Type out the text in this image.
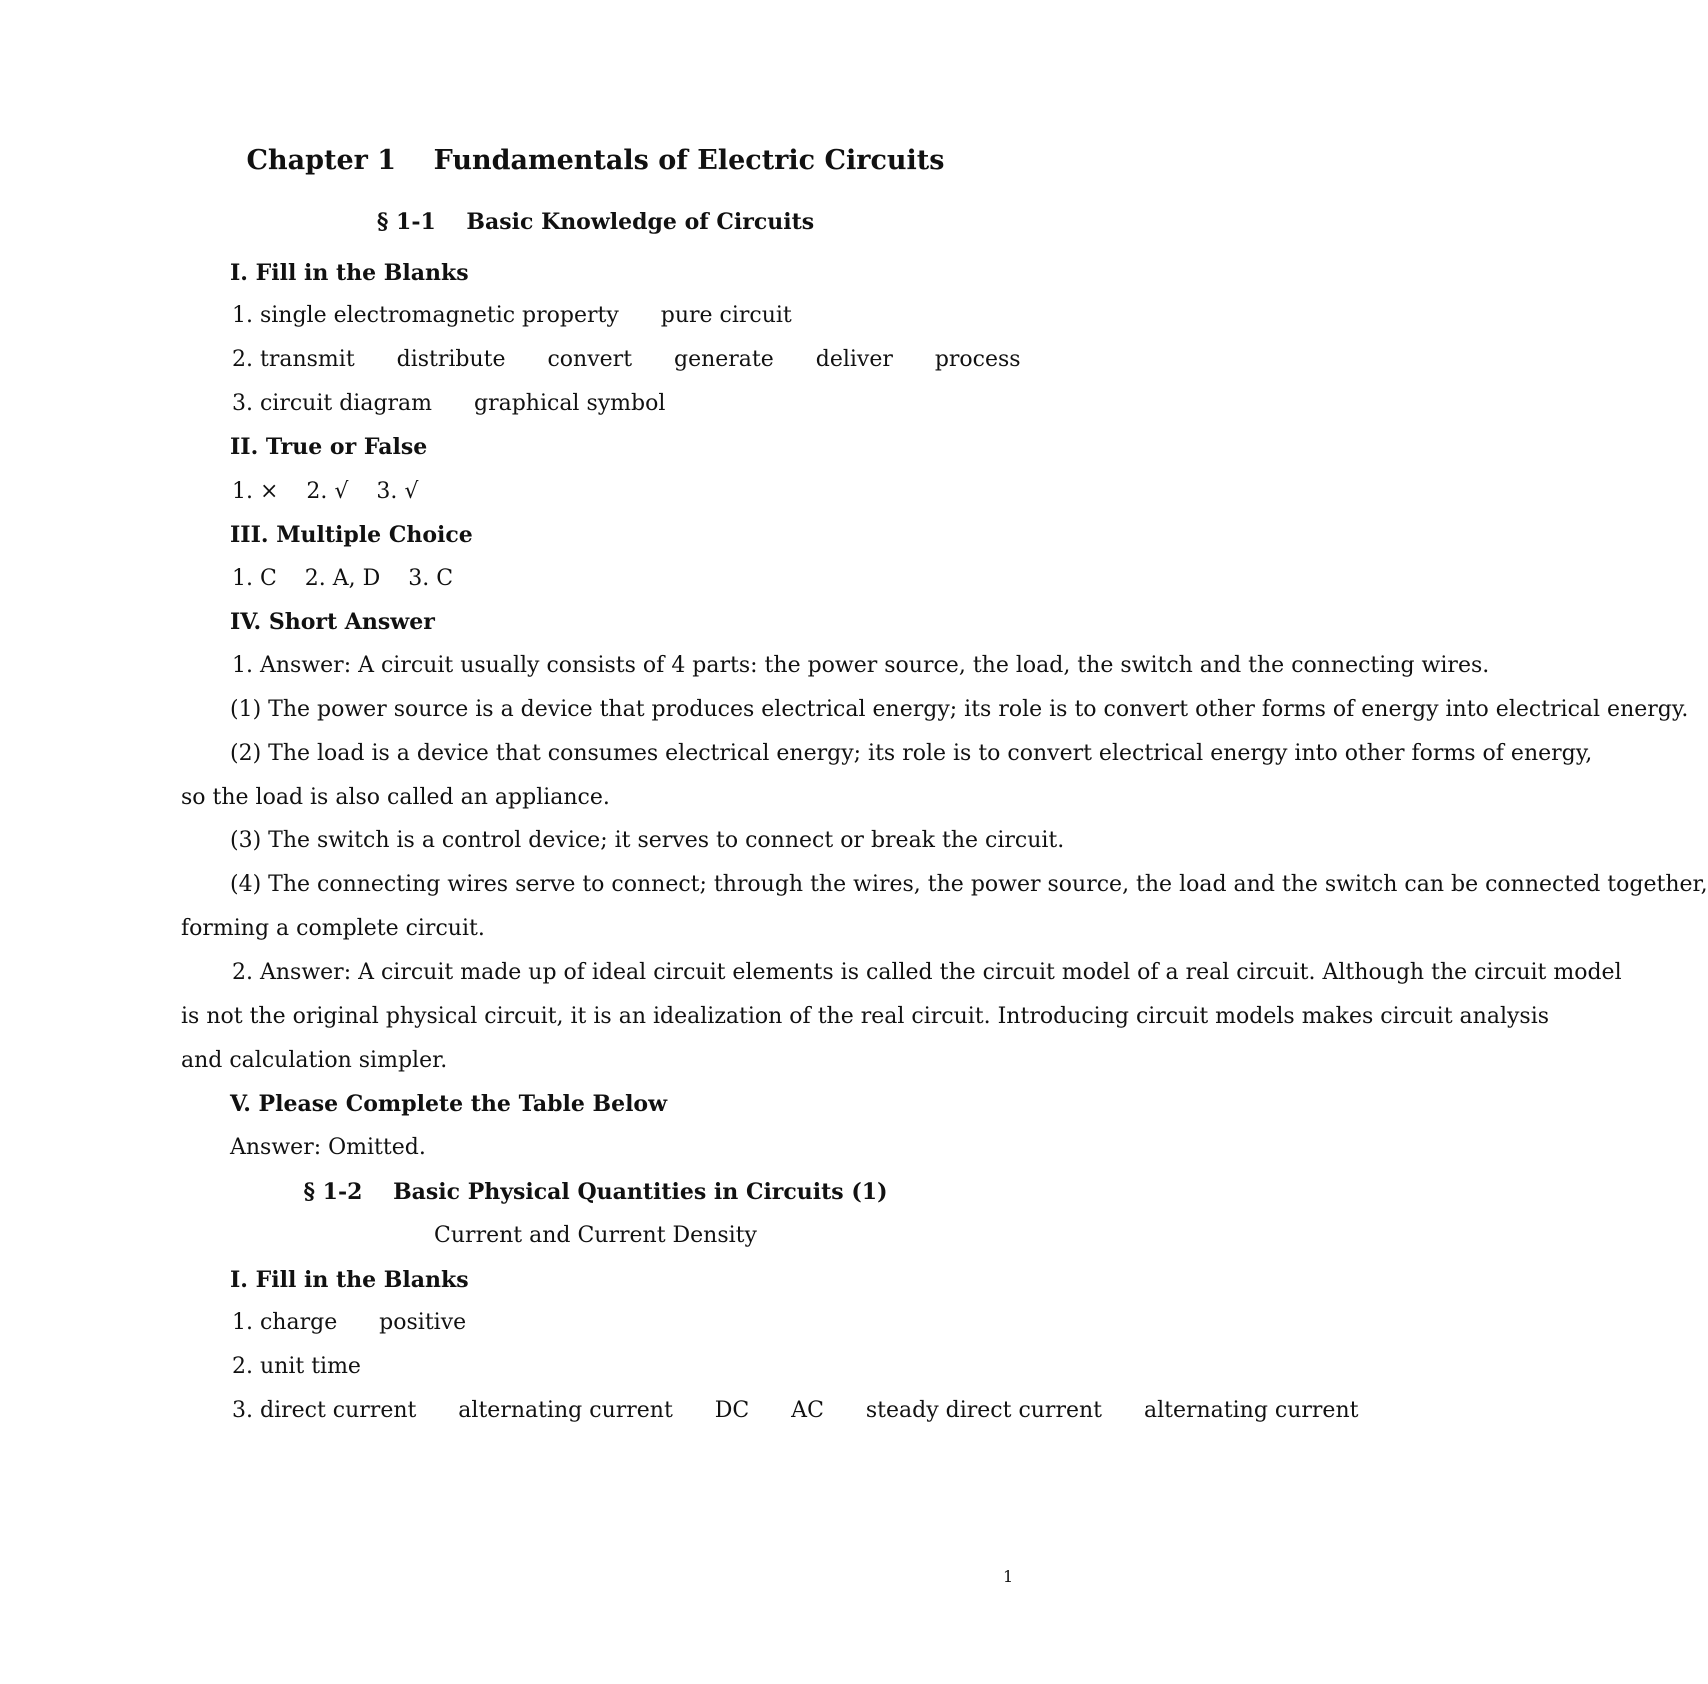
Chapter 1    Fundamentals of Electric Circuits
§ 1-1    Basic Knowledge of Circuits
I. Fill in the Blanks
1. single electromagnetic property      pure circuit
2. transmit      distribute      convert      generate      deliver      process
3. circuit diagram      graphical symbol
II. True or False
1. ×    2. √    3. √
III. Multiple Choice
1. C    2. A, D    3. C
IV. Short Answer
1. Answer: A circuit usually consists of 4 parts: the power source, the load, the switch and the connecting wires.
(1) The power source is a device that produces electrical energy; its role is to convert other forms of energy into electrical energy.
(2) The load is a device that consumes electrical energy; its role is to convert electrical energy into other forms of energy,
so the load is also called an appliance.
(3) The switch is a control device; it serves to connect or break the circuit.
(4) The connecting wires serve to connect; through the wires, the power source, the load and the switch can be connected together,
forming a complete circuit.
2. Answer: A circuit made up of ideal circuit elements is called the circuit model of a real circuit. Although the circuit model
is not the original physical circuit, it is an idealization of the real circuit. Introducing circuit models makes circuit analysis
and calculation simpler.
V. Please Complete the Table Below
Answer: Omitted.
§ 1-2    Basic Physical Quantities in Circuits (1)
Current and Current Density
I. Fill in the Blanks
1. charge      positive
2. unit time
3. direct current      alternating current      DC      AC      steady direct current      alternating current
1
